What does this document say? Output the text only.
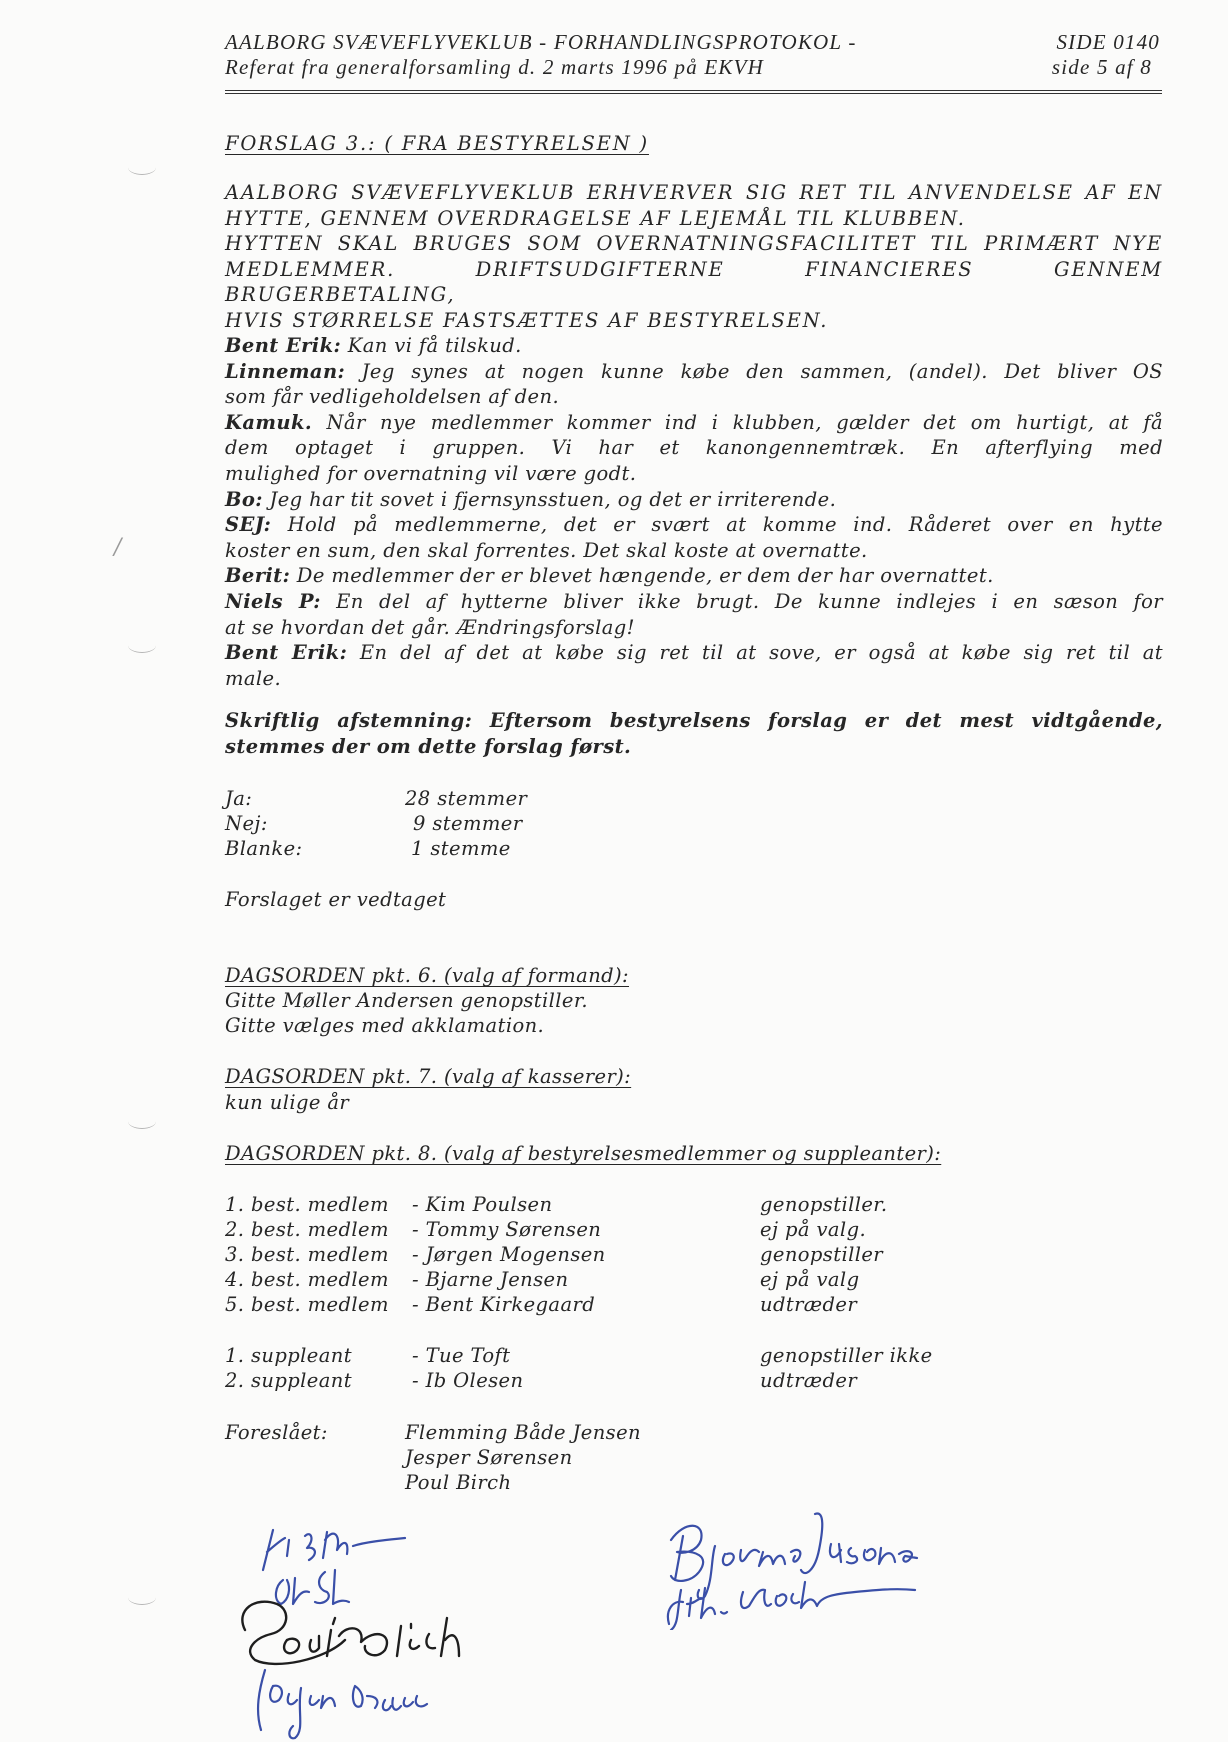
AALBORG SVÆVEFLYVEKLUB - FORHANDLINGSPROTOKOL -	SIDE 0140
Referat fra generalforsamling d. 2 marts 1996 på EKVH	side 5 af 8
FORSLAG 3.: ( FRA BESTYRELSEN )
AALBORG SVÆVEFLYVEKLUB ERHVERVER SIG RET TIL ANVENDELSE AF EN
HYTTE, GENNEM OVERDRAGELSE AF LEJEMÅL TIL KLUBBEN.
HYTTEN SKAL BRUGES SOM OVERNATNINGSFACILITET TIL PRIMÆRT NYE
MEDLEMMER. DRIFTSUDGIFTERNE FINANCIERES GENNEM BRUGERBETALING,
HVIS STØRRELSE FASTSÆTTES AF BESTYRELSEN.
Bent Erik: Kan vi få tilskud.
Linneman: Jeg synes at nogen kunne købe den sammen, (andel). Det bliver OS
som får vedligeholdelsen af den.
Kamuk. Når nye medlemmer kommer ind i klubben, gælder det om hurtigt, at få
dem optaget i gruppen. Vi har et kanongennemtræk. En afterflying med
mulighed for overnatning vil være godt.
Bo: Jeg har tit sovet i fjernsynsstuen, og det er irriterende.
SEJ: Hold på medlemmerne, det er svært at komme ind. Råderet over en hytte
koster en sum, den skal forrentes. Det skal koste at overnatte.
Berit: De medlemmer der er blevet hængende, er dem der har overnattet.
Niels P: En del af hytterne bliver ikke brugt. De kunne indlejes i en sæson for
at se hvordan det går. Ændringsforslag!
Bent Erik: En del af det at købe sig ret til at sove, er også at købe sig ret til at
male.
Skriftlig afstemning: Eftersom bestyrelsens forslag er det mest vidtgående,
stemmes der om dette forslag først.
Ja:	28 stemmer
Nej:	9 stemmer
Blanke:	1 stemme
Forslaget er vedtaget
DAGSORDEN pkt. 6. (valg af formand):
Gitte Møller Andersen genopstiller.
Gitte vælges med akklamation.
DAGSORDEN pkt. 7. (valg af kasserer):
kun ulige år
DAGSORDEN pkt. 8. (valg af bestyrelsesmedlemmer og suppleanter):
1. best. medlem - Kim Poulsen	genopstiller.
2. best. medlem - Tommy Sørensen	ej på valg.
3. best. medlem - Jørgen Mogensen	genopstiller
4. best. medlem - Bjarne Jensen	ej på valg
5. best. medlem - Bent Kirkegaard	udtræder
1. suppleant	- Tue Toft	genopstiller ikke
2. suppleant	- Ib Olesen	udtræder
Foreslået:	Flemming Både Jensen
Jesper Sørensen
Poul Birch
/
